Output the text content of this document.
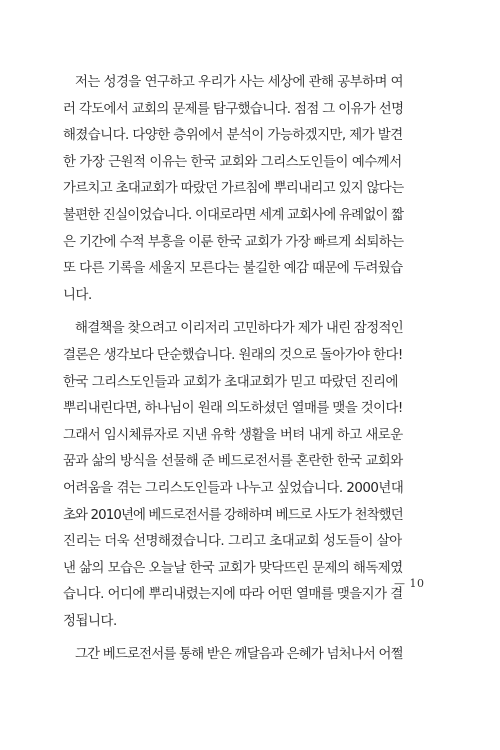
저는 성경을 연구하고 우리가 사는 세상에 관해 공부하며 여
러 각도에서 교회의 문제를 탐구했습니다. 점점 그 이유가 선명
해졌습니다. 다양한 층위에서 분석이 가능하겠지만, 제가 발견
한 가장 근원적 이유는 한국 교회와 그리스도인들이 예수께서
가르치고 초대교회가 따랐던 가르침에 뿌리내리고 있지 않다는
불편한 진실이었습니다. 이대로라면 세계 교회사에 유례없이 짧
은 기간에 수적 부흥을 이룬 한국 교회가 가장 빠르게 쇠퇴하는
또 다른 기록을 세울지 모른다는 불길한 예감 때문에 두려웠습
니다.
해결책을 찾으려고 이리저리 고민하다가 제가 내린 잠정적인
결론은 생각보다 단순했습니다. 원래의 것으로 돌아가야 한다!
한국 그리스도인들과 교회가 초대교회가 믿고 따랐던 진리에
뿌리내린다면, 하나님이 원래 의도하셨던 열매를 맺을 것이다!
그래서 임시체류자로 지낸 유학 생활을 버텨 내게 하고 새로운
꿈과 삶의 방식을 선물해 준 베드로전서를 혼란한 한국 교회와
어려움을 겪는 그리스도인들과 나누고 싶었습니다. 2000년대
초와 2010년에 베드로전서를 강해하며 베드로 사도가 천착했던
진리는 더욱 선명해졌습니다. 그리고 초대교회 성도들이 살아
낸 삶의 모습은 오늘날 한국 교회가 맞닥뜨린 문제의 해독제였
습니다. 어디에 뿌리내렸는지에 따라 어떤 열매를 맺을지가 결
정됩니다.
그간 베드로전서를 통해 받은 깨달음과 은혜가 넘처나서 어쩔
— 10
